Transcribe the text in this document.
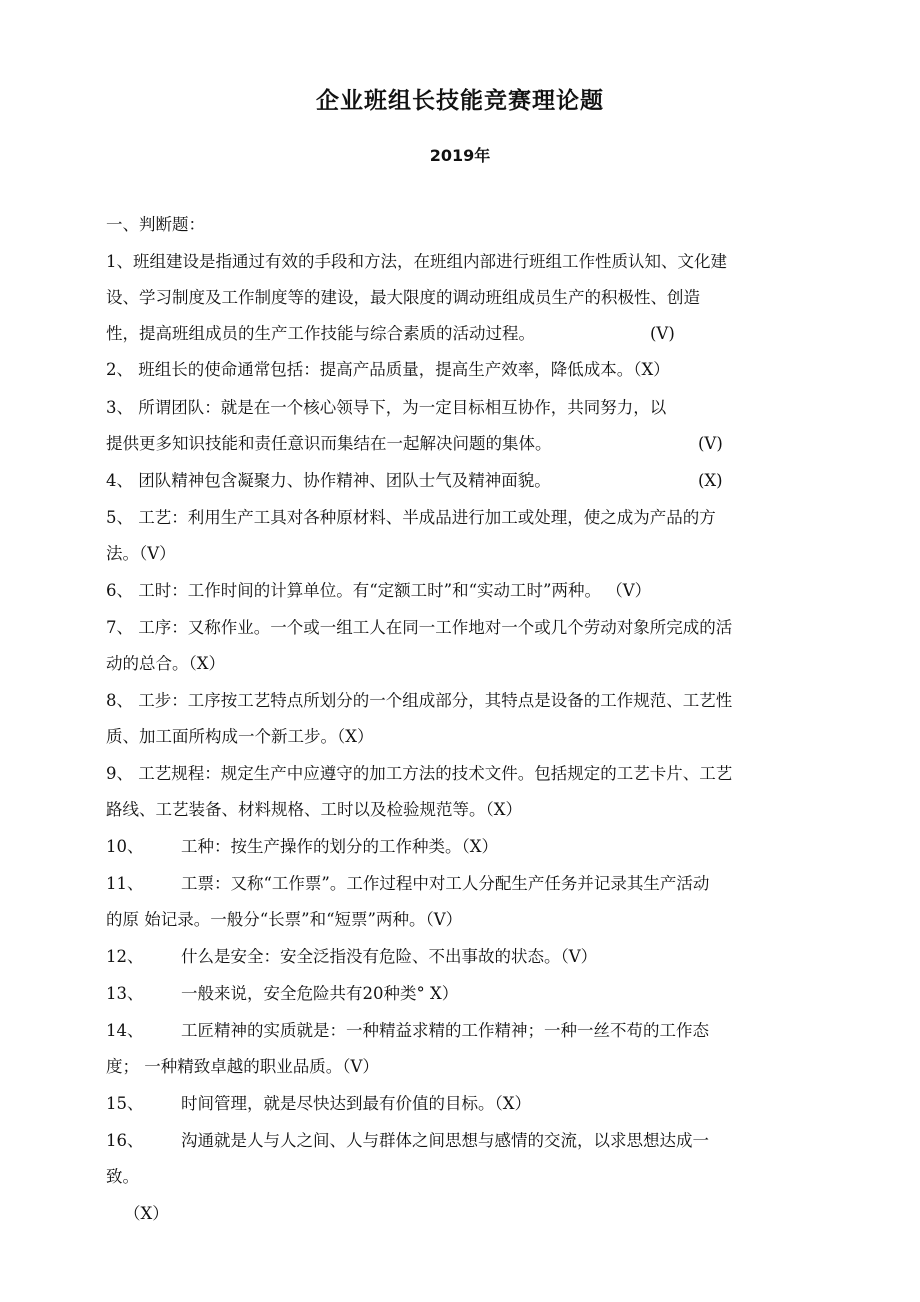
企业班组长技能竞赛理论题
2019年
一、判断题：
1、班组建设是指通过有效的手段和方法，在班组内部进行班组工作性质认知、文化建
设、学习制度及工作制度等的建设，最大限度的调动班组成员生产的积极性、创造
性，提高班组成员的生产工作技能与综合素质的活动过程。	(V)
2、 班组长的使命通常包括：提高产品质量，提高生产效率，降低成本。（X）
3、 所谓团队：就是在一个核心领导下，为一定目标相互协作，共同努力，以
提供更多知识技能和责任意识而集结在一起解决问题的集体。	(V)
4、 团队精神包含凝聚力、协作精神、团队士气及精神面貌。	(X)
5、 工艺：利用生产工具对各种原材料、半成品进行加工或处理，使之成为产品的方
法。（V）
6、 工时：工作时间的计算单位。有“定额工时”和“实动工时”两种。 （V）
7、 工序：又称作业。一个或一组工人在同一工作地对一个或几个劳动对象所完成的活
动的总合。（X）
8、 工步：工序按工艺特点所划分的一个组成部分，其特点是设备的工作规范、工艺性
质、加工面所构成一个新工步。（X）
9、 工艺规程：规定生产中应遵守的加工方法的技术文件。包括规定的工艺卡片、工艺
路线、工艺装备、材料规格、工时以及检验规范等。（X）
10、 工种：按生产操作的划分的工作种类。（X）
11、 工票：又称“工作票”。工作过程中对工人分配生产任务并记录其生产活动
的原 始记录。一般分“长票”和“短票”两种。（V）
12、 什么是安全：安全泛指没有危险、不出事故的状态。（V）
13、 一般来说，安全危险共有20种类° X）
14、 工匠精神的实质就是：一种精益求精的工作精神；一种一丝不苟的工作态
度； 一种精致卓越的职业品质。（V）
15、 时间管理，就是尽快达到最有价值的目标。（X）
16、 沟通就是人与人之间、人与群体之间思想与感情的交流，以求思想达成一
致。
（X）
